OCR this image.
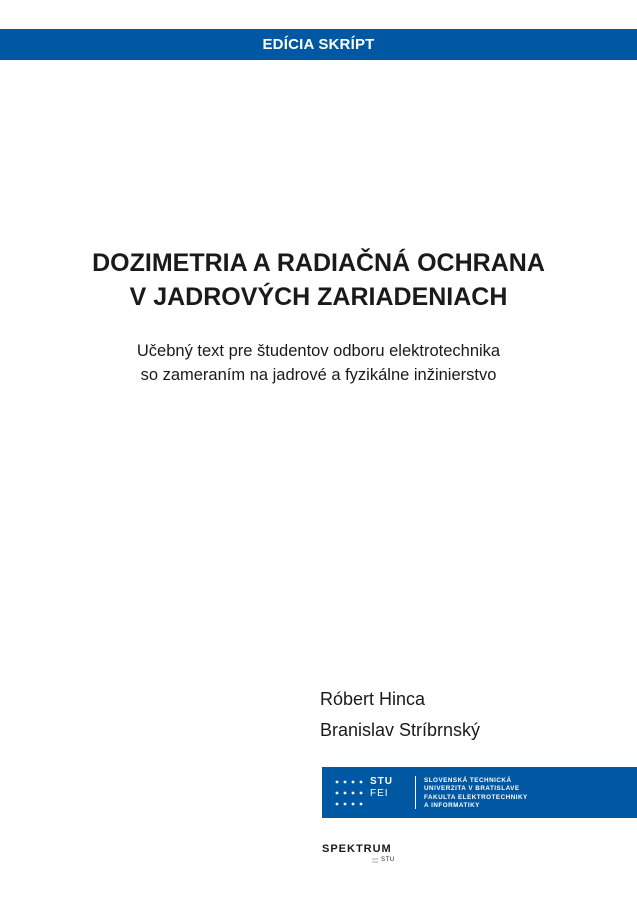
EDÍCIA SKRÍPT
DOZIMETRIA A RADIAČNÁ OCHRANA
V JADROVÝCH ZARIADENIACH

Učebný text pre študentov odboru elektrotechnika
so zameraním na jadrové a fyzikálne inžinierstvo

Róbert Hinca
Branislav Stríbrnský
STU
FEI
SLOVENSKÁ TECHNICKÁ
UNIVERZITA V BRATISLAVE
FAKULTA ELEKTROTECHNIKY
A INFORMATIKY
SPEKTRUM
STU
